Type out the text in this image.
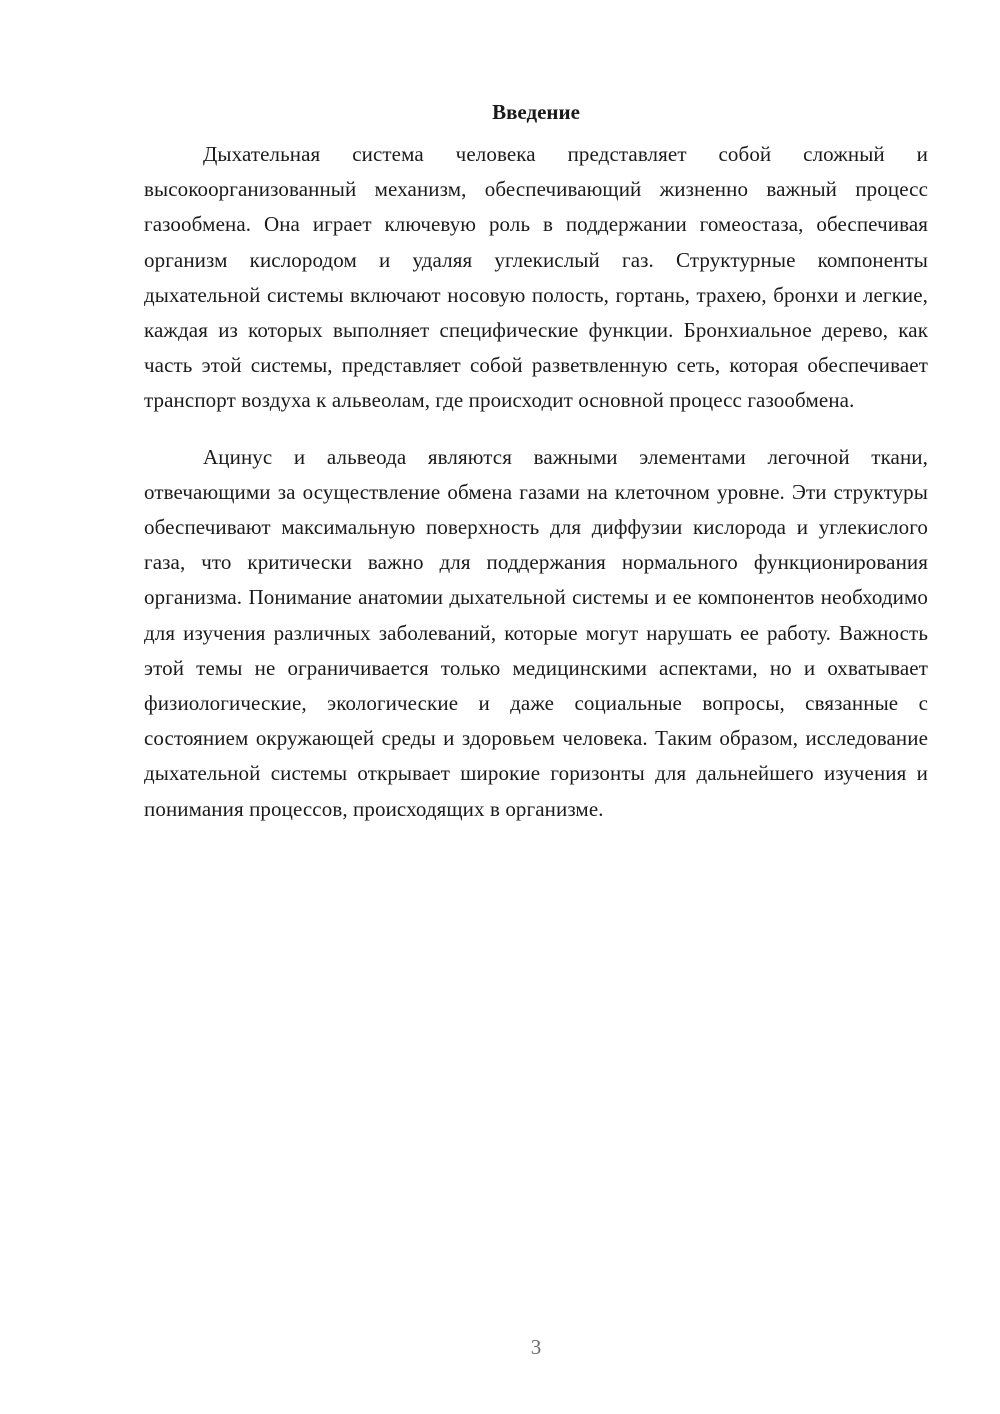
Введение

Дыхательная система человека представляет собой сложный и высокоорганизованный механизм, обеспечивающий жизненно важный процесс газообмена. Она играет ключевую роль в поддержании гомеостаза, обеспечивая организм кислородом и удаляя углекислый газ. Структурные компоненты дыхательной системы включают носовую полость, гортань, трахею, бронхи и легкие, каждая из которых выполняет специфические функции. Бронхиальное дерево, как часть этой системы, представляет собой разветвленную сеть, которая обеспечивает транспорт воздуха к альвеолам, где происходит основной процесс газообмена.

Ацинус и альвеода являются важными элементами легочной ткани, отвечающими за осуществление обмена газами на клеточном уровне. Эти структуры обеспечивают максимальную поверхность для диффузии кислорода и углекислого газа, что критически важно для поддержания нормального функционирования организма. Понимание анатомии дыхательной системы и ее компонентов необходимо для изучения различных заболеваний, которые могут нарушать ее работу. Важность этой темы не ограничивается только медицинскими аспектами, но и охватывает физиологические, экологические и даже социальные вопросы, связанные с состоянием окружающей среды и здоровьем человека. Таким образом, исследование дыхательной системы открывает широкие горизонты для дальнейшего изучения и понимания процессов, происходящих в организме.

3
